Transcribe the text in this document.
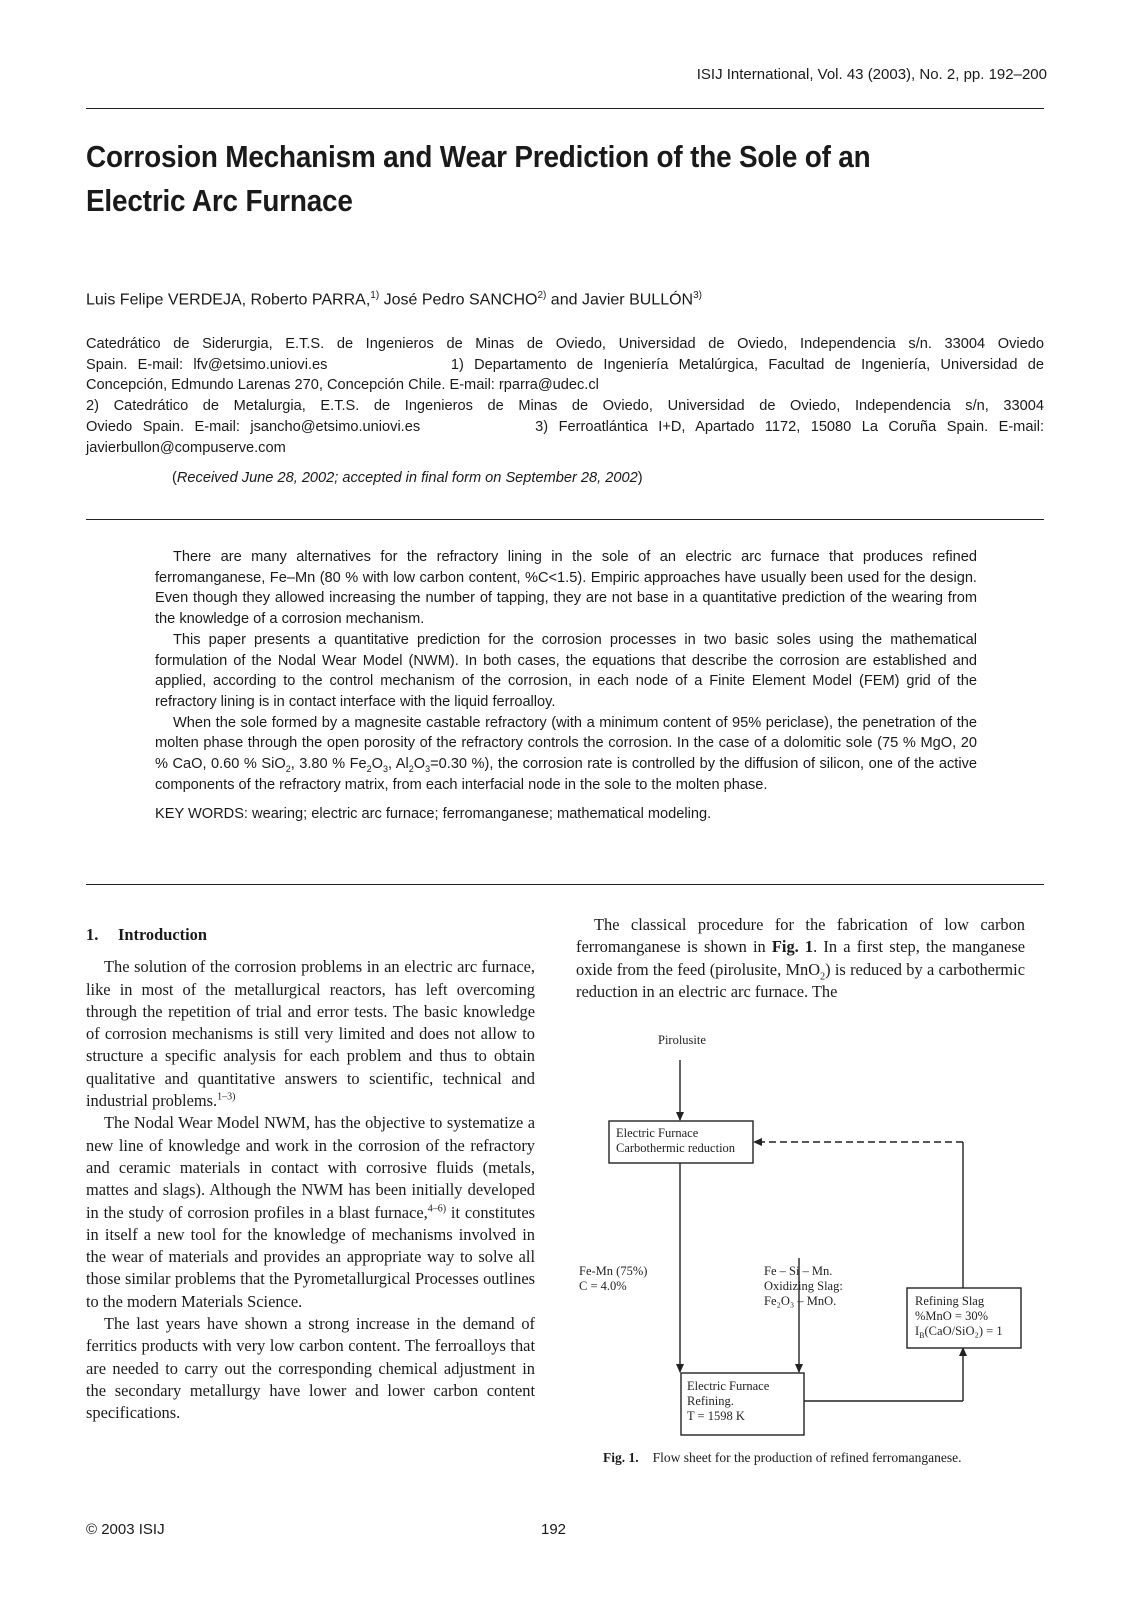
ISIJ International, Vol. 43 (2003), No. 2, pp. 192–200
Corrosion Mechanism and Wear Prediction of the Sole of an Electric Arc Furnace
Luis Felipe VERDEJA, Roberto PARRA,$^{1)}$ José Pedro SANCHO$^{2)}$ and Javier BULLÓN$^{3)}$
Catedrático de Siderurgia, E.T.S. de Ingenieros de Minas de Oviedo, Universidad de Oviedo, Independencia s/n. 33004 Oviedo
Spain. E-mail: lfv@etsimo.uniovi.es            1) Departamento de Ingeniería Metalúrgica, Facultad de Ingeniería, Universidad de
Concepción, Edmundo Larenas 270, Concepción Chile. E-mail: rparra@udec.cl
2) Catedrático de Metalurgia, E.T.S. de Ingenieros de Minas de Oviedo, Universidad de Oviedo, Independencia s/n, 33004
Oviedo Spain. E-mail: jsancho@etsimo.uniovi.es           3) Ferroatlántica I+D, Apartado 1172, 15080 La Coruña Spain. E-mail:
javierbullon@compuserve.com
(Received June 28, 2002; accepted in final form on September 28, 2002)

There are many alternatives for the refractory lining in the sole of an electric arc furnace that produces refined ferromanganese, Fe–Mn (80 % with low carbon content, %C<1.5). Empiric approaches have usually been used for the design. Even though they allowed increasing the number of tapping, they are not base in a quantitative prediction of the wearing from the knowledge of a corrosion mechanism.

This paper presents a quantitative prediction for the corrosion processes in two basic soles using the mathematical formulation of the Nodal Wear Model (NWM). In both cases, the equations that describe the corrosion are established and applied, according to the control mechanism of the corrosion, in each node of a Finite Element Model (FEM) grid of the refractory lining is in contact interface with the liquid ferroalloy.

When the sole formed by a magnesite castable refractory (with a minimum content of 95% periclase), the penetration of the molten phase through the open porosity of the refractory controls the corrosion. In the case of a dolomitic sole (75 % MgO, 20 % CaO, 0.60 % SiO$_2$, 3.80 % $Fe_2O_3$, $Al_2O_3=0.30$ %), the corrosion rate is controlled by the diffusion of silicon, one of the active components of the refractory matrix, from each interfacial node in the sole to the molten phase.

KEY WORDS: wearing; electric arc furnace; ferromanganese; mathematical modeling.

1. Introduction

The solution of the corrosion problems in an electric arc furnace, like in most of the metallurgical reactors, has left overcoming through the repetition of trial and error tests. The basic knowledge of corrosion mechanisms is still very limited and does not allow to structure a specific analysis for each problem and thus to obtain qualitative and quantitative answers to scientific, technical and industrial problems.$^{1-3)}$

The Nodal Wear Model NWM, has the objective to systematize a new line of knowledge and work in the corrosion of the refractory and ceramic materials in contact with corrosive fluids (metals, mattes and slags). Although the NWM has been initially developed in the study of corrosion profiles in a blast furnace,$^{4-6)}$ it constitutes in itself a new tool for the knowledge of mechanisms involved in the wear of materials and provides an appropriate way to solve all those similar problems that the Pyrometallurgical Processes outlines to the modern Materials Science.

The last years have shown a strong increase in the demand of ferritics products with very low carbon content. The ferroalloys that are needed to carry out the corresponding chemical adjustment in the secondary metallurgy have lower and lower carbon content specifications.

The classical procedure for the fabrication of low carbon ferromanganese is shown in Fig. 1. In a first step, the manganese oxide from the feed (pirolusite, MnO$_2$) is reduced by a carbothermic reduction in an electric arc furnace. The

Pirolusite
Electric Furnace
Carbothermic reduction
Fe-Mn (75%)
C = 4.0%
Fe – Si – Mn.
Oxidizing Slag:
Fe₂O₃ – MnO.	Refining Slag
%MnO = 30%
$I_B(CaO/SiO_2) = 1$
Electric Furnace
Refining.
T = 1598 K
Fig. 1. Flow sheet for the production of refined ferromanganese.
© 2003 ISIJ	192
